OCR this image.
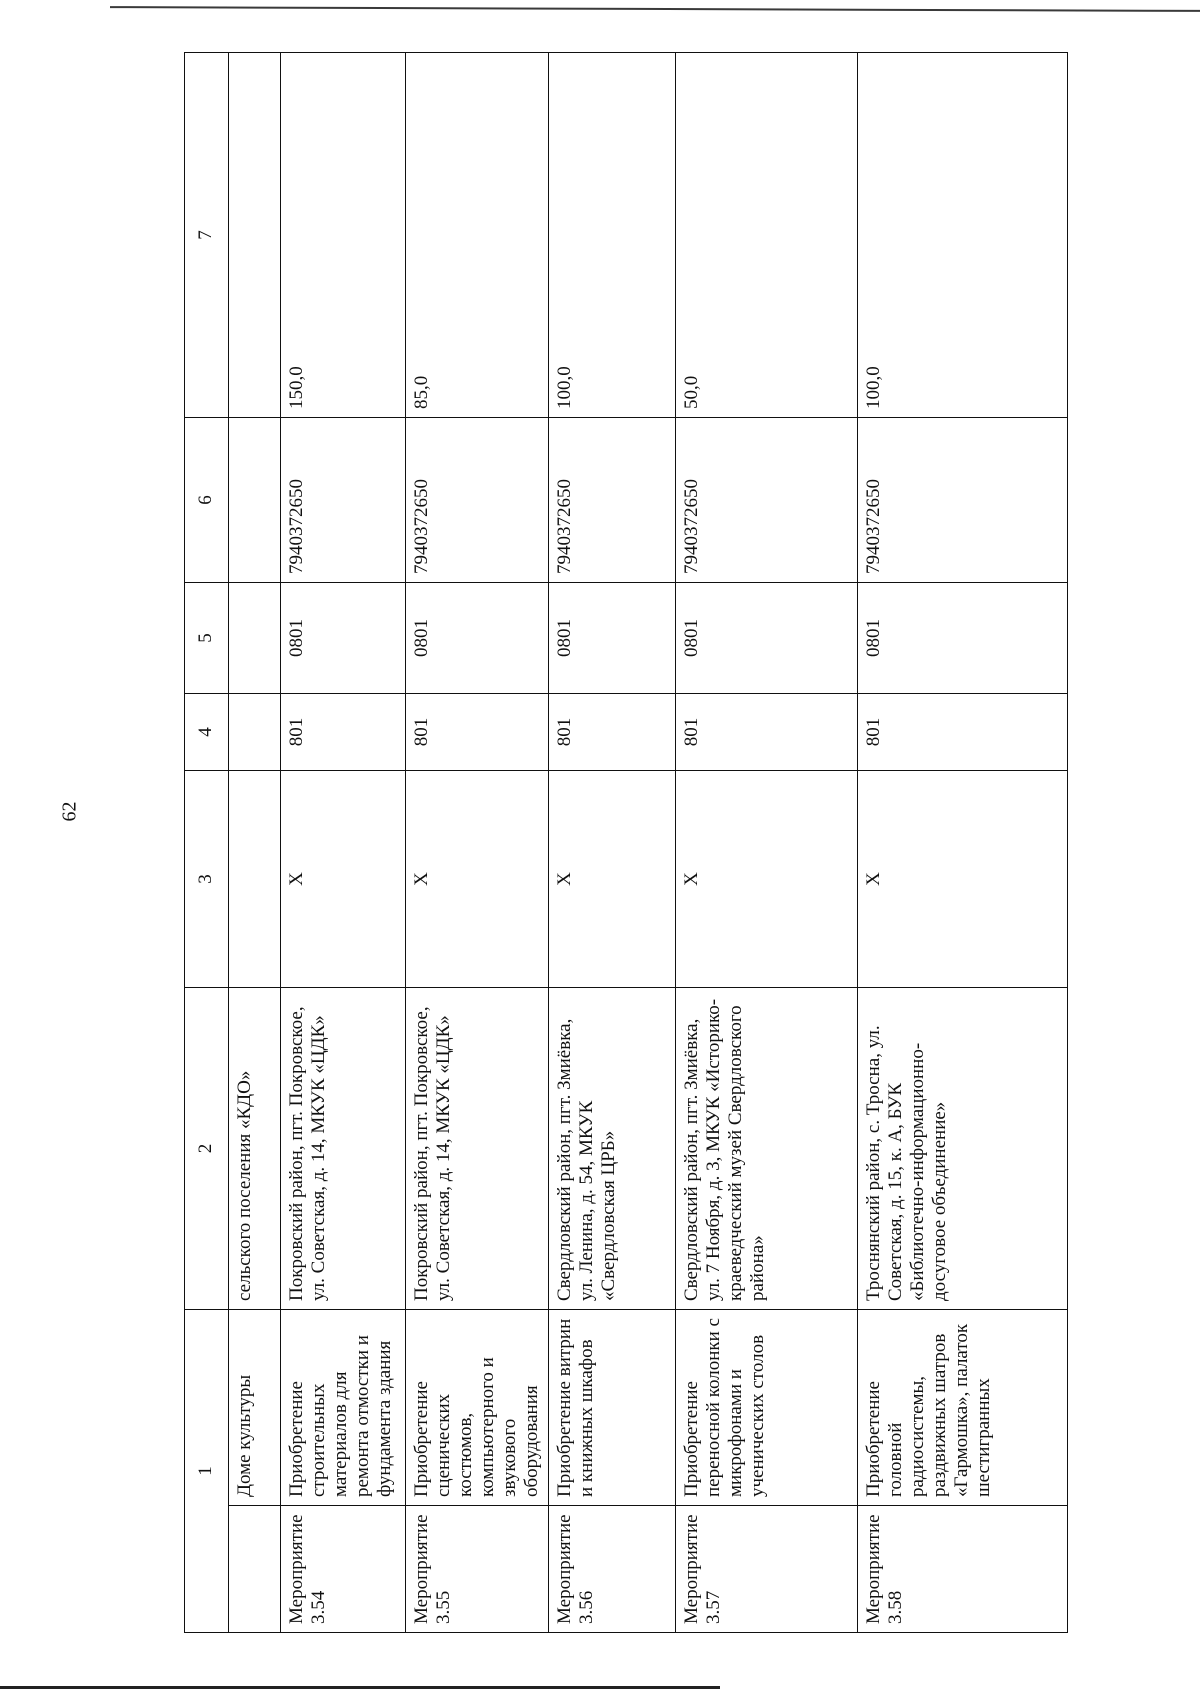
62
1		2	3	4	5	6	7
	Доме культуры	сельского поселения «КДО»					
Мероприятие 3.54	Приобретение строительных материалов для ремонта отмостки и фундамента здания	Покровский район, пгт. Покровское, ул. Советская, д. 14, МКУК «ЦДК»	X	801	0801	7940372650	150,0
Мероприятие 3.55	Приобретение сценических костюмов, компьютерного и звукового оборудования	Покровский район, пгт. Покровское, ул. Советская, д. 14, МКУК «ЦДК»	X	801	0801	7940372650	85,0
Мероприятие 3.56	Приобретение витрин и книжных шкафов	Свердловский район, пгт. Змиёвка, ул. Ленина, д. 54, МКУК «Свердловская ЦРБ»	X	801	0801	7940372650	100,0
Мероприятие 3.57	Приобретение переносной колонки с микрофонами и ученических столов	Свердловский район, пгт. Змиёвка, ул. 7 Ноября, д. 3, МКУК «Историко-краеведческий музей Свердловского района»	X	801	0801	7940372650	50,0
Мероприятие 3.58	Приобретение головной радиосистемы, раздвижных шатров «Гармошка», палаток шестигранных	Троснянский район, с. Тросна, ул. Советская, д. 15, к. А, БУК «Библиотечно-информационно-досуговое объединение»	X	801	0801	7940372650	100,0
